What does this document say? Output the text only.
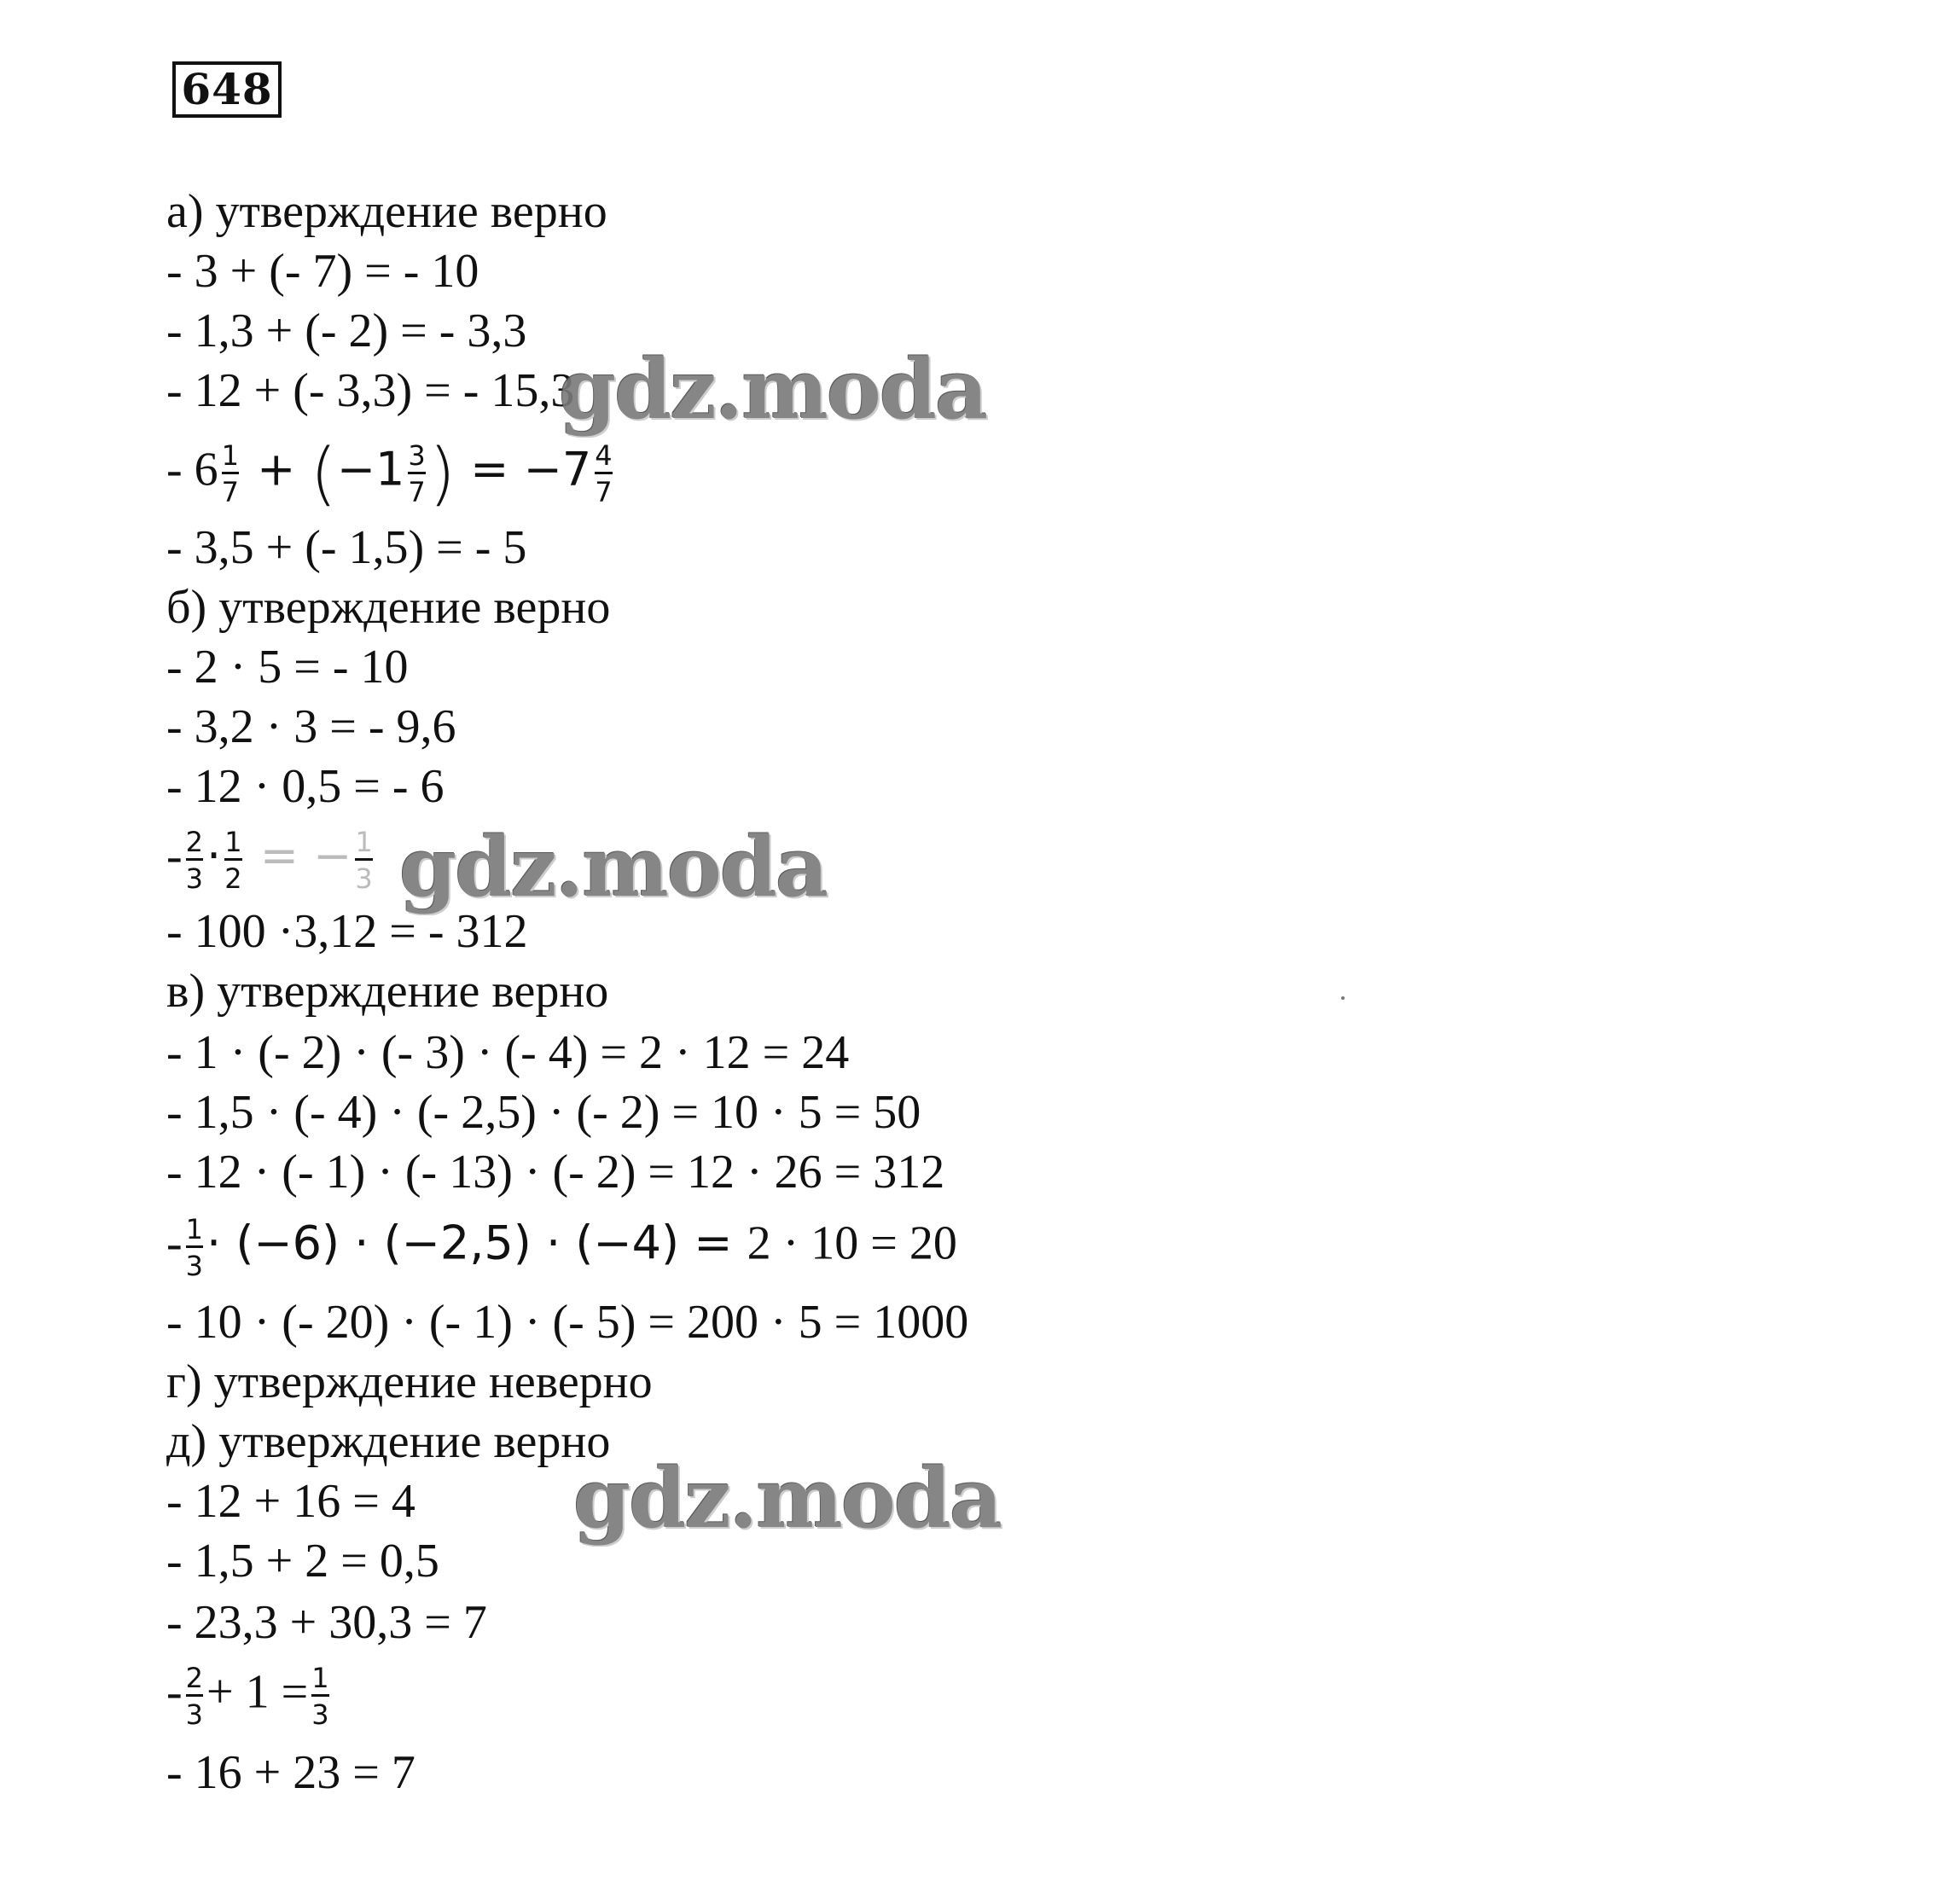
648
а) утверждение верно
- 3 + (- 7) = - 10
- 1,3 + (- 2) = - 3,3
- 12 + (- 3,3) = - 15,3
- $6 \frac{1}{7} + (-1 \frac{3}{7}$ ) = $-7 \frac{4}{7}$
- 3,5 + (- 1,5) = - 5
б) утверждение верно
- 2 · 5 = - 10
- 3,2 · 3 = - 9,6
- 12 · 0,5 = - 6
- $\frac{2}{3} \cdot \frac{1}{2}$ = − $\frac{1}{3}$
- 100 ·3,12 = - 312
в) утверждение верно
- 1 · (- 2) · (- 3) · (- 4) = 2 · 12 = 24
- 1,5 · (- 4) · (- 2,5) · (- 2) = 10 · 5 = 50
- 12 · (- 1) · (- 13) · (- 2) = 12 · 26 = 312
- $\frac{1}{3} \cdot (-6) \cdot (-2,5) \cdot (-4) = 2 \cdot 10 = 20$
- 10 · (- 20) · (- 1) · (- 5) = 200 · 5 = 1000
г) утверждение неверно
д) утверждение верно
- 12 + 16 = 4
- 1,5 + 2 = 0,5
- 23,3 + 30,3 = 7
- $\frac{2}{3} + 1 = \frac{1}{3}$
- 16 + 23 = 7
gdz.moda
gdz.moda
gdz.moda
